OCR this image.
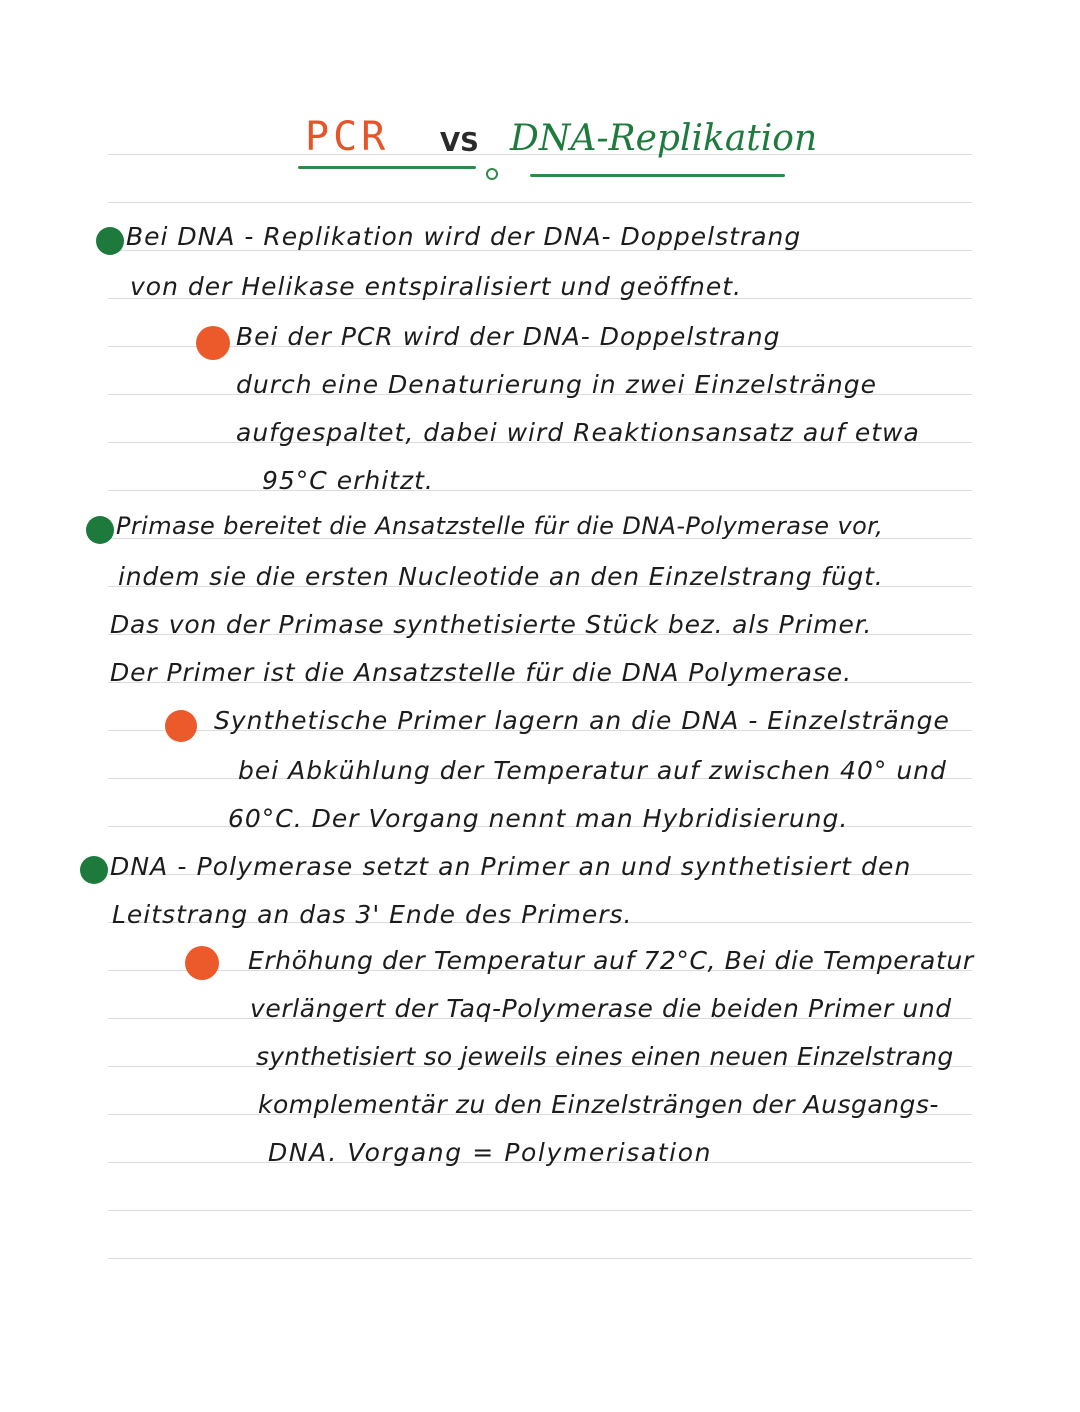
PCR VS DNA-Replikation
Bei DNA - Replikation wird der DNA- Doppelstrang
von der Helikase entspiralisiert und geöffnet.
Bei der PCR wird der DNA- Doppelstrang
durch eine Denaturierung in zwei Einzelstränge
aufgespaltet, dabei wird Reaktionsansatz auf etwa
95°C erhitzt.
Primase bereitet die Ansatzstelle für die DNA-Polymerase vor,
indem sie die ersten Nucleotide an den Einzelstrang fügt.
Das von der Primase synthetisierte Stück bez. als Primer.
Der Primer ist die Ansatzstelle für die DNA Polymerase.
Synthetische Primer lagern an die DNA - Einzelstränge
bei Abkühlung der Temperatur auf zwischen 40° und
60°C. Der Vorgang nennt man Hybridisierung.
DNA - Polymerase setzt an Primer an und synthetisiert den
Leitstrang an das 3' Ende des Primers.
Erhöhung der Temperatur auf 72°C, Bei die Temperatur
verlängert der Taq-Polymerase die beiden Primer und
synthetisiert so jeweils eines einen neuen Einzelstrang
komplementär zu den Einzelsträngen der Ausgangs-
DNA. Vorgang = Polymerisation
